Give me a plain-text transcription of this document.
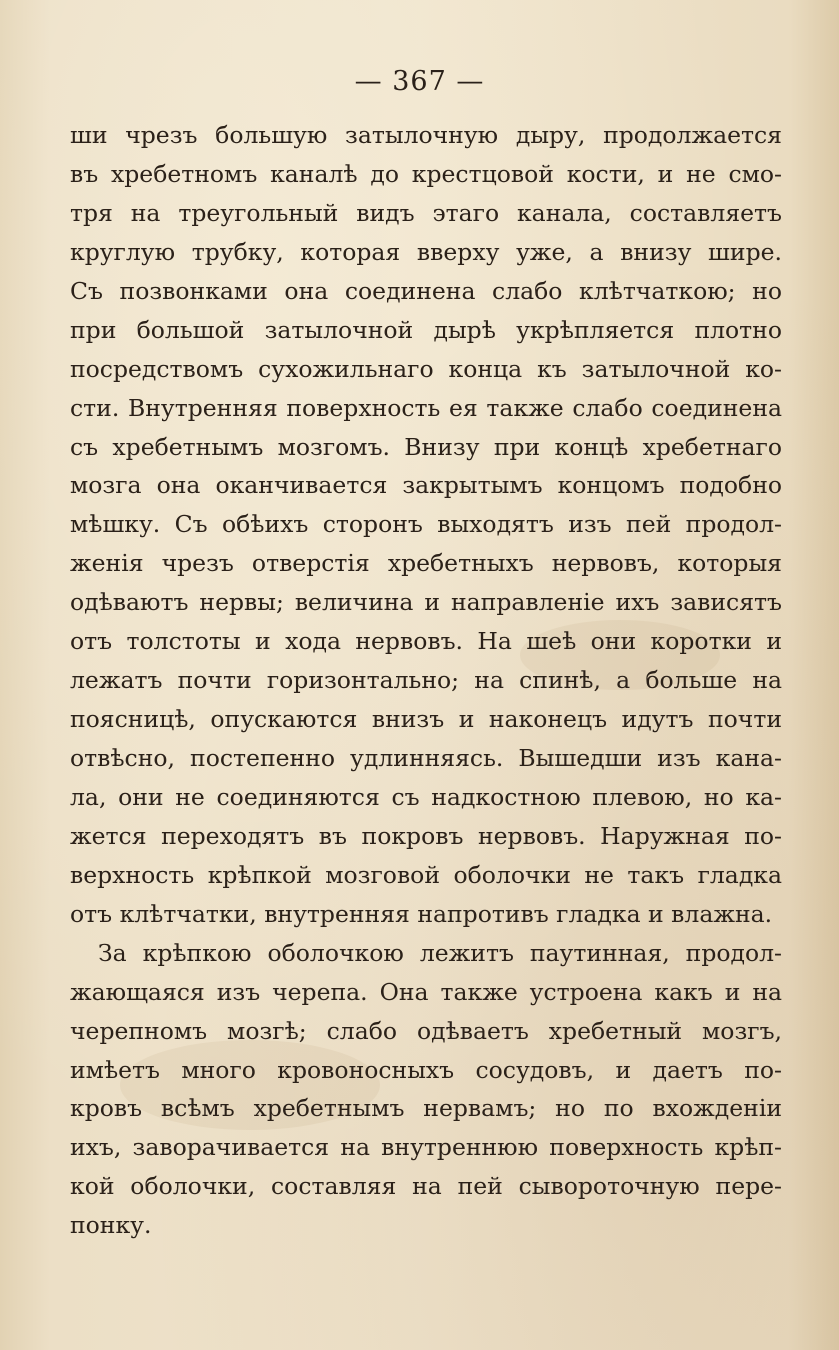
— 367 —
ши чрезъ большую затылочную дыру, продолжается
въ хребетномъ каналѣ до крестцовой кости, и не смо-
тря на треугольный видъ этаго канала, составляетъ
круглую трубку, которая вверху уже, а внизу шире.
Съ позвонками она соединена слабо клѣтчаткою; но
при большой затылочной дырѣ укрѣпляется плотно
посредствомъ сухожильнаго конца къ затылочной ко-
сти. Внутренняя поверхность ея также слабо соединена
съ хребетнымъ мозгомъ. Внизу при концѣ хребетнаго
мозга она оканчивается закрытымъ концомъ подобно
мѣшку. Съ обѣихъ сторонъ выходятъ изъ пей продол-
женія чрезъ отверстія хребетныхъ нервовъ, которыя
одѣваютъ нервы; величина и направленіе ихъ зависятъ
отъ толстоты и хода нервовъ. На шеѣ они коротки и
лежатъ почти горизонтально; на спинѣ, а больше на
поясницѣ, опускаются внизъ и наконецъ идутъ почти
отвѣсно, постепенно удлинняясь. Вышедши изъ кана-
ла, они не соединяются съ надкостною плевою, но ка-
жется переходятъ въ покровъ нервовъ. Наружная по-
верхность крѣпкой мозговой оболочки не такъ гладка
отъ клѣтчатки, внутренняя напротивъ гладка и влажна.
За крѣпкою оболочкою лежитъ паутинная, продол-
жающаяся изъ черепа. Она также устроена какъ и на
черепномъ мозгѣ; слабо одѣваетъ хребетный мозгъ,
имѣетъ много кровоносныхъ сосудовъ, и даетъ по-
кровъ всѣмъ хребетнымъ нервамъ; но по вхожденіи
ихъ, заворачивается на внутреннюю поверхность крѣп-
кой оболочки, составляя на пей сывороточную пере-
понку.
